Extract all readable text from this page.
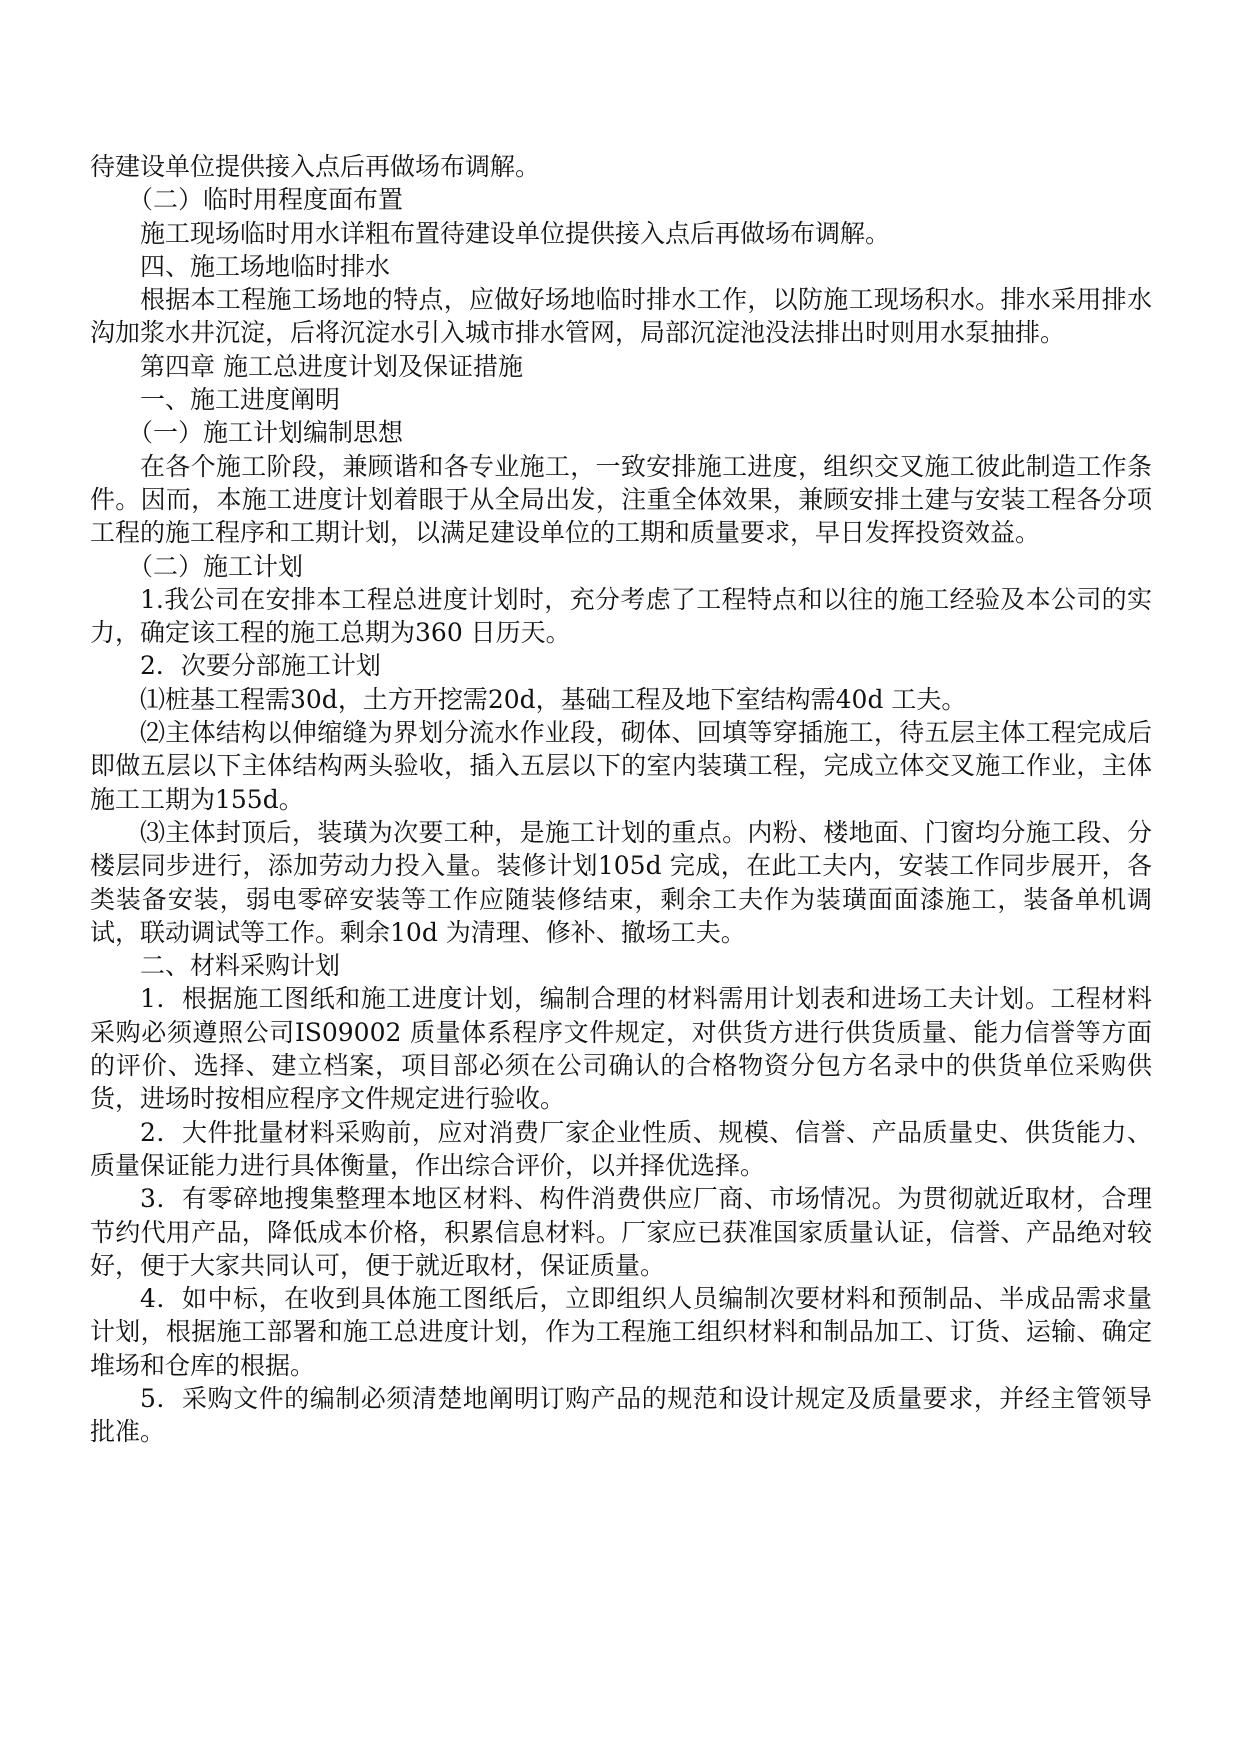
待建设单位提供接入点后再做场布调解。

（二）临时用程度面布置

施工现场临时用水详粗布置待建设单位提供接入点后再做场布调解。

四、施工场地临时排水

根据本工程施工场地的特点，应做好场地临时排水工作，以防施工现场积水。排水采用排水沟加浆水井沉淀，后将沉淀水引入城市排水管网，局部沉淀池没法排出时则用水泵抽排。

第四章 施工总进度计划及保证措施

一、施工进度阐明

（一）施工计划编制思想

在各个施工阶段，兼顾谐和各专业施工，一致安排施工进度，组织交叉施工彼此制造工作条件。因而，本施工进度计划着眼于从全局出发，注重全体效果，兼顾安排土建与安装工程各分项工程的施工程序和工期计划，以满足建设单位的工期和质量要求，早日发挥投资效益。

（二）施工计划

1.我公司在安排本工程总进度计划时，充分考虑了工程特点和以往的施工经验及本公司的实力，确定该工程的施工总期为360 日历天。

2．次要分部施工计划

⑴桩基工程需30d，土方开挖需20d，基础工程及地下室结构需40d 工夫。

⑵主体结构以伸缩缝为界划分流水作业段，砌体、回填等穿插施工，待五层主体工程完成后即做五层以下主体结构两头验收，插入五层以下的室内装璜工程，完成立体交叉施工作业，主体施工工期为155d。

⑶主体封顶后，装璜为次要工种，是施工计划的重点。内粉、楼地面、门窗均分施工段、分楼层同步进行，添加劳动力投入量。装修计划105d 完成，在此工夫内，安装工作同步展开，各类装备安装，弱电零碎安装等工作应随装修结束，剩余工夫作为装璜面面漆施工，装备单机调试，联动调试等工作。剩余10d 为清理、修补、撤场工夫。

二、材料采购计划

1．根据施工图纸和施工进度计划，编制合理的材料需用计划表和进场工夫计划。工程材料采购必须遵照公司IS09002 质量体系程序文件规定，对供货方进行供货质量、能力信誉等方面的评价、选择、建立档案，项目部必须在公司确认的合格物资分包方名录中的供货单位采购供货，进场时按相应程序文件规定进行验收。

2．大件批量材料采购前，应对消费厂家企业性质、规模、信誉、产品质量史、供货能力、质量保证能力进行具体衡量，作出综合评价，以并择优选择。

3．有零碎地搜集整理本地区材料、构件消费供应厂商、市场情况。为贯彻就近取材，合理节约代用产品，降低成本价格，积累信息材料。厂家应已获准国家质量认证，信誉、产品绝对较好，便于大家共同认可，便于就近取材，保证质量。

4．如中标，在收到具体施工图纸后，立即组织人员编制次要材料和预制品、半成品需求量计划，根据施工部署和施工总进度计划，作为工程施工组织材料和制品加工、订货、运输、确定堆场和仓库的根据。

5．采购文件的编制必须清楚地阐明订购产品的规范和设计规定及质量要求，并经主管领导批准。
